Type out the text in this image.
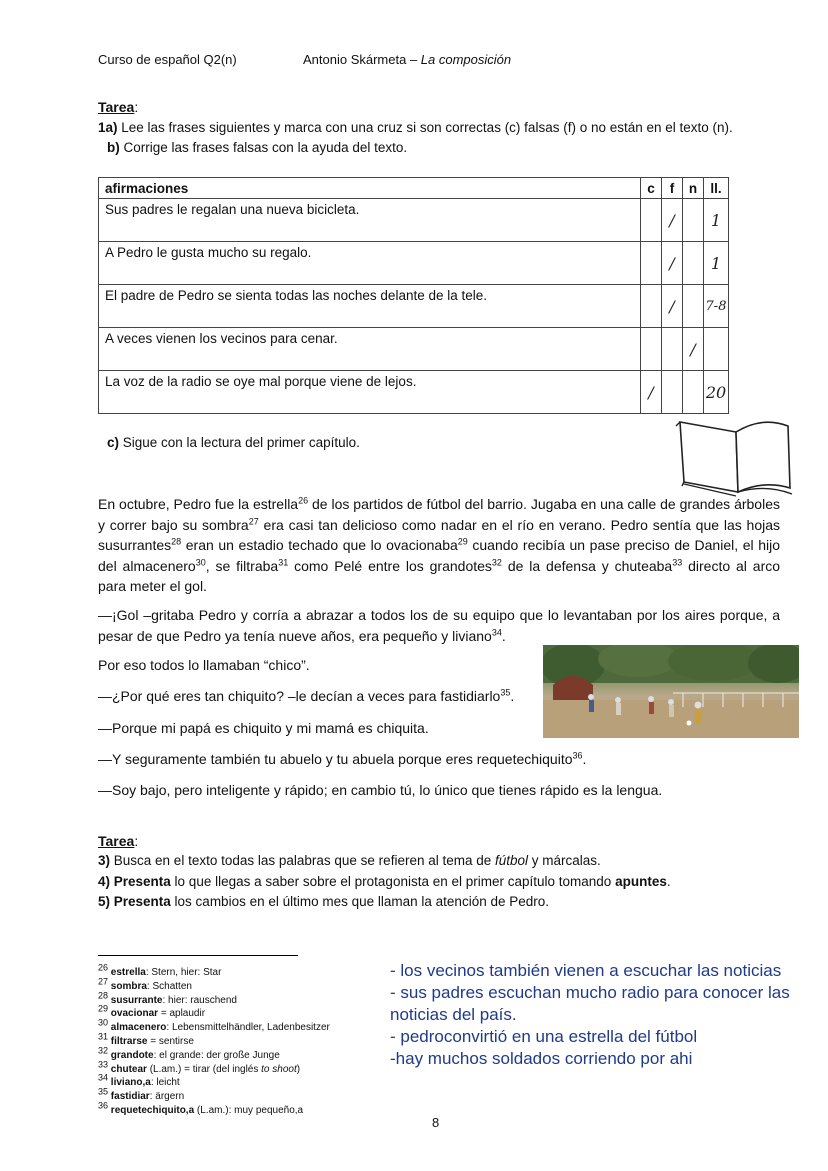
Curso de español Q2(n)	Antonio Skármeta – La composición
Tarea:
1a) Lee las frases siguientes y marca con una cruz si son correctas (c) falsas (f) o no están en el texto (n).
b) Corrige las frases falsas con la ayuda del texto.
afirmaciones	c	f	n	ll.
Sus padres le regalan una nueva bicicleta.		/		1
A Pedro le gusta mucho su regalo.		/		1
El padre de Pedro se sienta todas las noches delante de la tele.		/		7-8
A veces vienen los vecinos para cenar.			/	
La voz de la radio se oye mal porque viene de lejos.	/			20
c) Sigue con la lectura del primer capítulo.
En octubre, Pedro fue la estrella$^{26}$ de los partidos de fútbol del barrio. Jugaba en una calle de grandes árboles y correr bajo su sombra$^{27}$ era casi tan delicioso como nadar en el río en verano. Pedro sentía que las hojas susurrantes$^{28}$ eran un estadio techado que lo ovacionaba$^{29}$ cuando recibía un pase preciso de Daniel, el hijo del almacenero$^{30}$, se filtraba$^{31}$ como Pelé entre los grandotes$^{32}$ de la defensa y chuteaba$^{33}$ directo al arco para meter el gol.
—¡Gol –gritaba Pedro y corría a abrazar a todos los de su equipo que lo levantaban por los aires porque, a pesar de que Pedro ya tenía nueve años, era pequeño y liviano$^{34}$.
Por eso todos lo llamaban “chico”.
—¿Por qué eres tan chiquito? –le decían a veces para fastidiarlo$^{35}$.
—Porque mi papá es chiquito y mi mamá es chiquita.
—Y seguramente también tu abuelo y tu abuela porque eres requetechiquito$^{36}$.
—Soy bajo, pero inteligente y rápido; en cambio tú, lo único que tienes rápido es la lengua.
Tarea:
3) Busca en el texto todas las palabras que se refieren al tema de fútbol y márcalas.
4) Presenta lo que llegas a saber sobre el protagonista en el primer capítulo tomando apuntes.
5) Presenta los cambios en el último mes que llaman la atención de Pedro.
$^{26}$ estrella: Stern, hier: Star
$^{27}$ sombra: Schatten
$^{28}$ susurrante: hier: rauschend
$^{29}$ ovacionar = aplaudir
$^{30}$ almacenero: Lebensmittelhändler, Ladenbesitzer
$^{31}$ filtrarse = sentirse
$^{32}$ grandote: el grande: der große Junge
$^{33}$ chutear (L.am.) = tirar (del inglés to shoot)
$^{34}$ liviano,a: leicht
$^{35}$ fastidiar: ärgern
$^{36}$ requetechiquito,a (L.am.): muy pequeño,a
- los vecinos también vienen a escuchar las noticias
- sus padres escuchan mucho radio para conocer las noticias del país.
- pedroconvirtió en una estrella del fútbol
-hay muchos soldados corriendo por ahi
8
